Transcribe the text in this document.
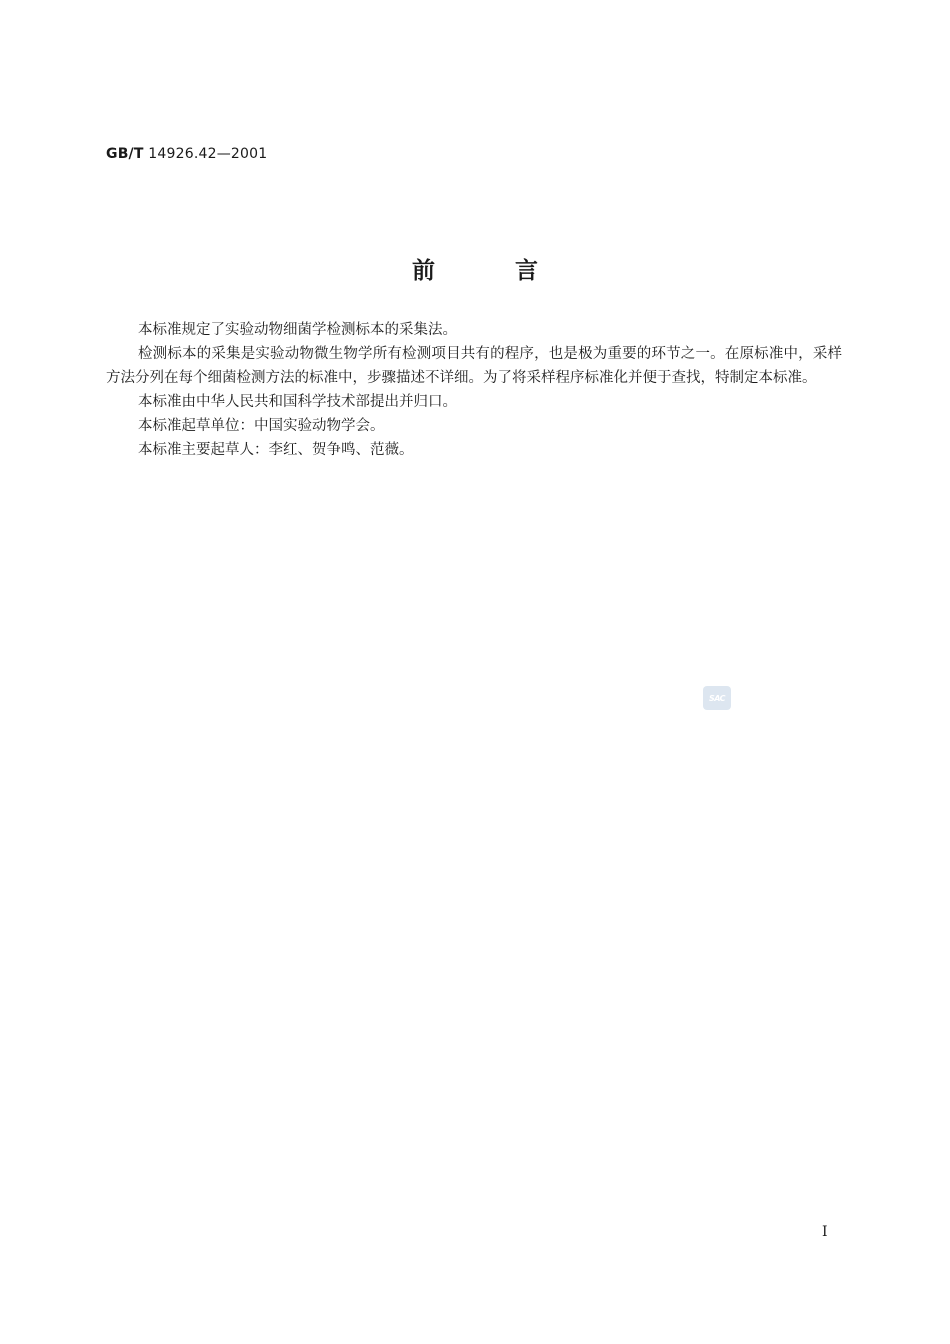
GB/T 14926.42—2001
前	言

本标准规定了实验动物细菌学检测标本的采集法。

检测标本的采集是实验动物微生物学所有检测项目共有的程序，也是极为重要的环节之一。在原标准中，采样方法分列在每个细菌检测方法的标准中，步骤描述不详细。为了将采样程序标准化并便于查找，特制定本标准。

本标准由中华人民共和国科学技术部提出并归口。

本标准起草单位：中国实验动物学会。

本标准主要起草人：李红、贺争鸣、范薇。

SAC
I
